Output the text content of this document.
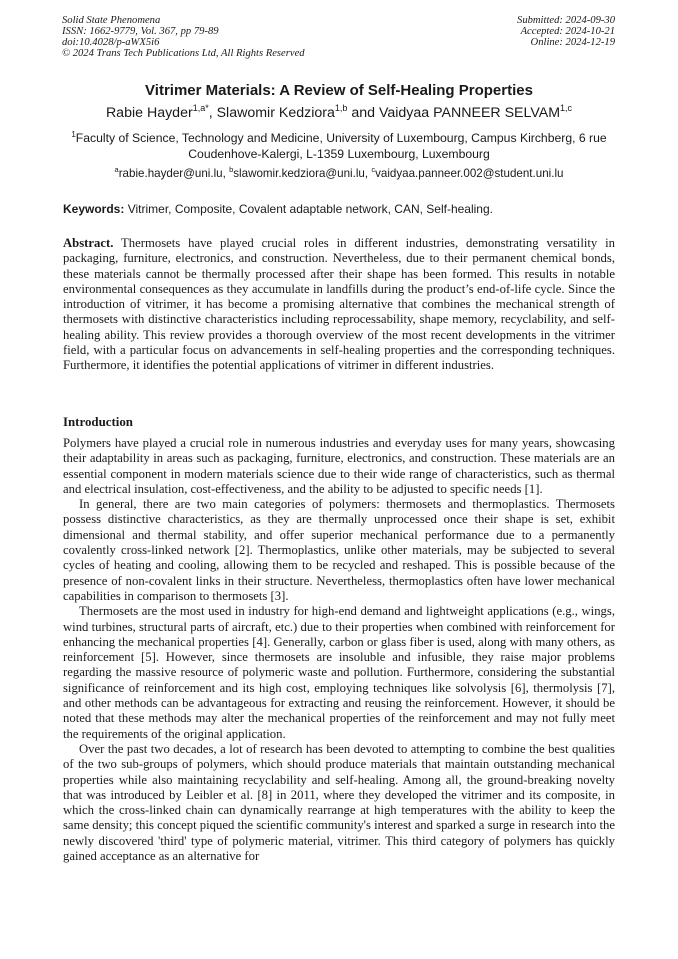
Solid State Phenomena
ISSN: 1662-9779, Vol. 367, pp 79-89
doi:10.4028/p-aWX5i6
© 2024 Trans Tech Publications Ltd, All Rights Reserved
Submitted: 2024-09-30
Accepted: 2024-10-21
Online: 2024-12-19
Vitrimer Materials: A Review of Self-Healing Properties
Rabie Hayder$^{1,a*}$, Slawomir Kedziora$^{1,b}$ and Vaidyaa PANNEER SELVAM$^{1,c}$
$^1$Faculty of Science, Technology and Medicine, University of Luxembourg, Campus Kirchberg, 6 rue Coudenhove-Kalergi, L-1359 Luxembourg, Luxembourg
$^a$rabie.hayder@uni.lu, $^b$slawomir.kedziora@uni.lu, $^c$vaidyaa.panneer.002@student.uni.lu
Keywords: Vitrimer, Composite, Covalent adaptable network, CAN, Self-healing.
Abstract. Thermosets have played crucial roles in different industries, demonstrating versatility in packaging, furniture, electronics, and construction. Nevertheless, due to their permanent chemical bonds, these materials cannot be thermally processed after their shape has been formed. This results in notable environmental consequences as they accumulate in landfills during the product’s end-of-life cycle. Since the introduction of vitrimer, it has become a promising alternative that combines the mechanical strength of thermosets with distinctive characteristics including reprocessability, shape memory, recyclability, and self-healing ability. This review provides a thorough overview of the most recent developments in the vitrimer field, with a particular focus on advancements in self-healing properties and the corresponding techniques. Furthermore, it identifies the potential applications of vitrimer in different industries.
Introduction

Polymers have played a crucial role in numerous industries and everyday uses for many years, showcasing their adaptability in areas such as packaging, furniture, electronics, and construction. These materials are an essential component in modern materials science due to their wide range of characteristics, such as thermal and electrical insulation, cost-effectiveness, and the ability to be adjusted to specific needs [1].

In general, there are two main categories of polymers: thermosets and thermoplastics. Thermosets possess distinctive characteristics, as they are thermally unprocessed once their shape is set, exhibit dimensional and thermal stability, and offer superior mechanical performance due to a permanently covalently cross-linked network [2]. Thermoplastics, unlike other materials, may be subjected to several cycles of heating and cooling, allowing them to be recycled and reshaped. This is possible because of the presence of non-covalent links in their structure. Nevertheless, thermoplastics often have lower mechanical capabilities in comparison to thermosets [3].

Thermosets are the most used in industry for high-end demand and lightweight applications (e.g., wings, wind turbines, structural parts of aircraft, etc.) due to their properties when combined with reinforcement for enhancing the mechanical properties [4]. Generally, carbon or glass fiber is used, along with many others, as reinforcement [5]. However, since thermosets are insoluble and infusible, they raise major problems regarding the massive resource of polymeric waste and pollution. Furthermore, considering the substantial significance of reinforcement and its high cost, employing techniques like solvolysis [6], thermolysis [7], and other methods can be advantageous for extracting and reusing the reinforcement. However, it should be noted that these methods may alter the mechanical properties of the reinforcement and may not fully meet the requirements of the original application.

Over the past two decades, a lot of research has been devoted to attempting to combine the best qualities of the two sub-groups of polymers, which should produce materials that maintain outstanding mechanical properties while also maintaining recyclability and self-healing. Among all, the ground-breaking novelty that was introduced by Leibler et al. [8] in 2011, where they developed the vitrimer and its composite, in which the cross-linked chain can dynamically rearrange at high temperatures with the ability to keep the same density; this concept piqued the scientific community's interest and sparked a surge in research into the newly discovered 'third' type of polymeric material, vitrimer. This third category of polymers has quickly gained acceptance as an alternative for
